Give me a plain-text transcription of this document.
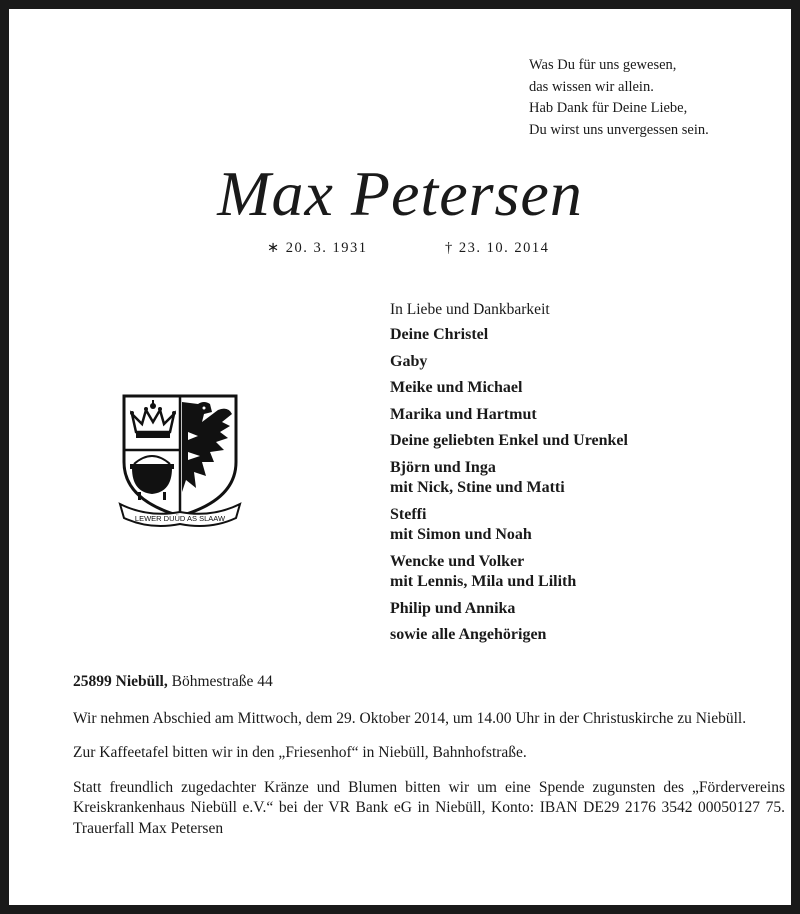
Was Du für uns gewesen,
das wissen wir allein.
Hab Dank für Deine Liebe,
Du wirst uns unvergessen sein.
Max Petersen
∗ 20. 3. 1931	† 23. 10. 2014
LEWER DUÜD AS SLAAW
In Liebe und Dankbarkeit
Deine Christel
Gaby
Meike und Michael
Marika und Hartmut
Deine geliebten Enkel und Urenkel
Björn und Inga
mit Nick, Stine und Matti
Steffi
mit Simon und Noah
Wencke und Volker
mit Lennis, Mila und Lilith
Philip und Annika
sowie alle Angehörigen

25899 Niebüll, Böhmestraße 44

Wir nehmen Abschied am Mittwoch, dem 29. Oktober 2014, um 14.00 Uhr in der Christuskirche zu Niebüll.

Zur Kaffeetafel bitten wir in den „Friesenhof“ in Niebüll, Bahnhofstraße.

Statt freundlich zugedachter Kränze und Blumen bitten wir um eine Spende zugunsten des „Fördervereins Kreiskrankenhaus Niebüll e.V.“ bei der VR Bank eG in Niebüll, Konto: IBAN DE29 2176 3542 00050127 75. Trauerfall Max Petersen
